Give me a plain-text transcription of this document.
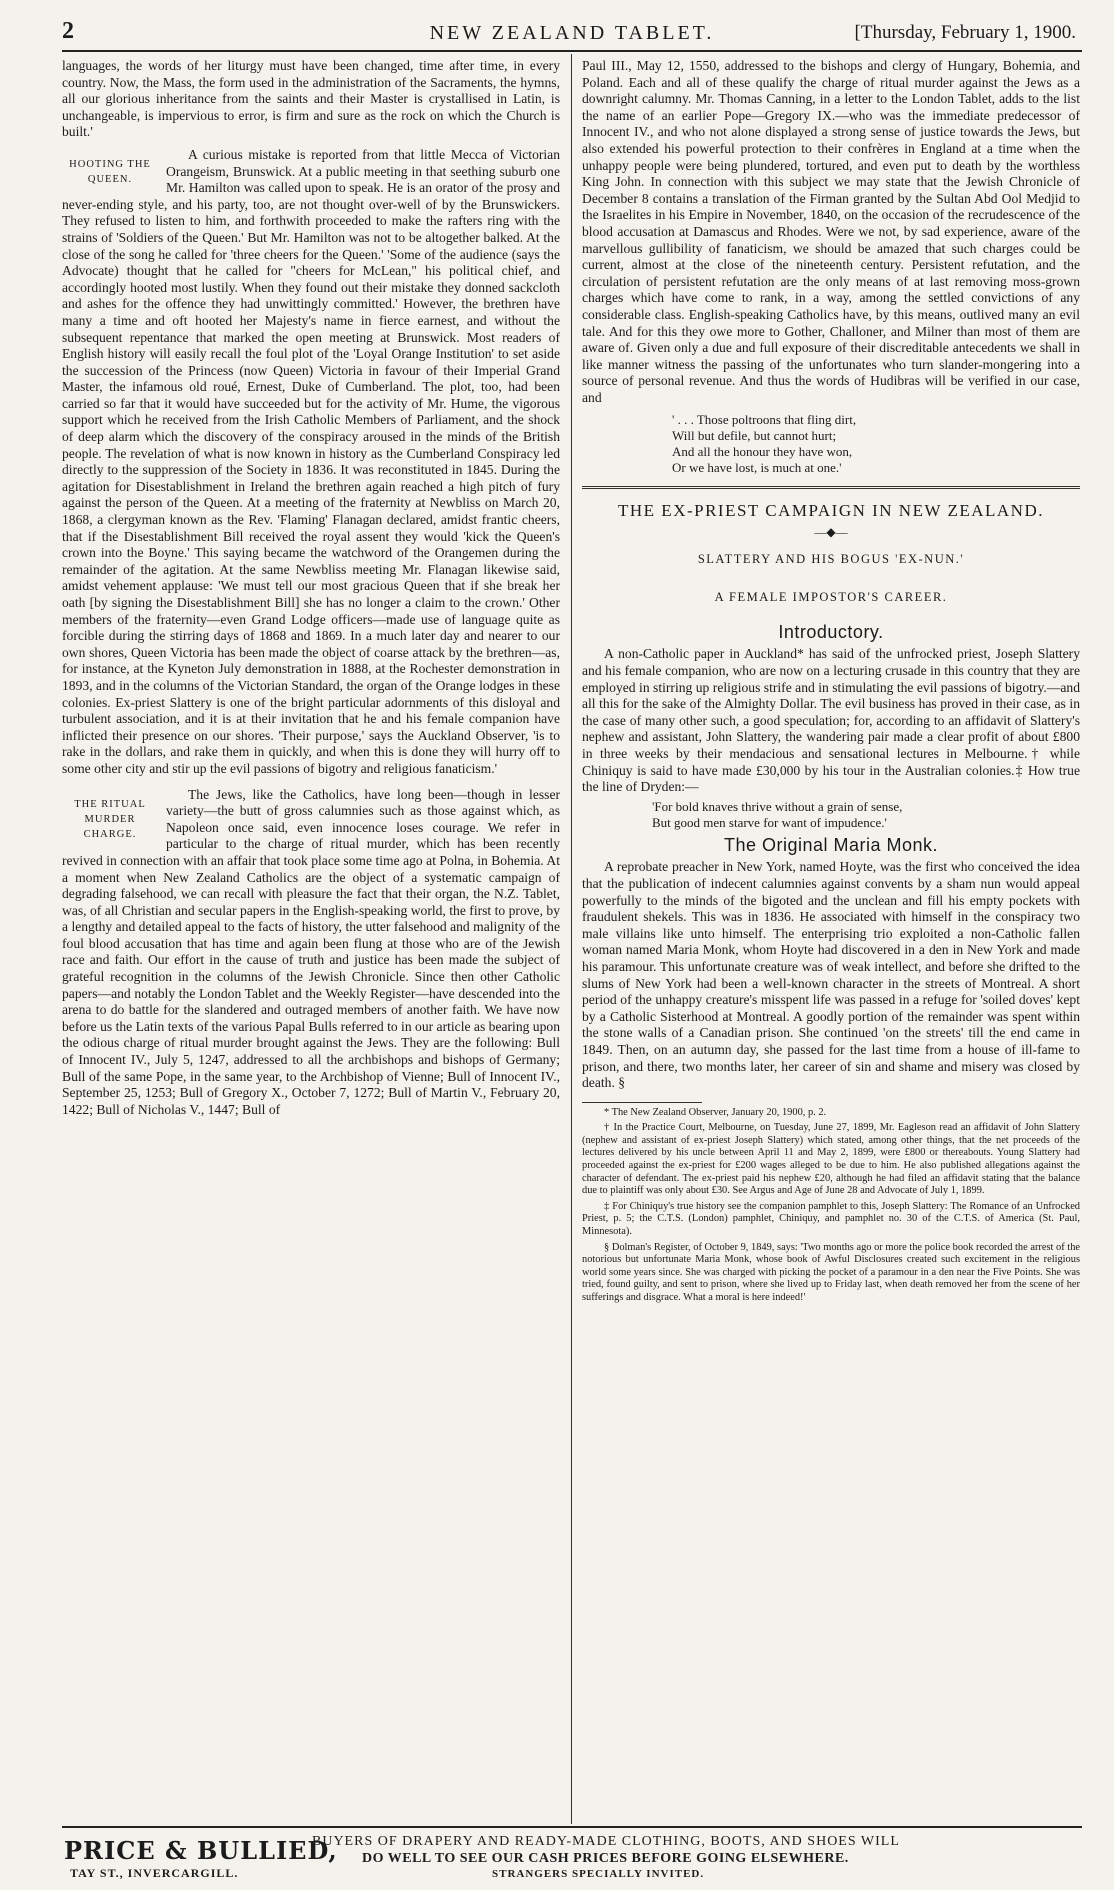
2	NEW ZEALAND TABLET.	[Thursday, February 1, 1900.

languages, the words of her liturgy must have been changed, time after time, in every country. Now, the Mass, the form used in the administration of the Sacraments, the hymns, all our glorious inheritance from the saints and their Master is crystallised in Latin, is unchangeable, is impervious to error, is firm and sure as the rock on which the Church is built.'

HOOTING THE QUEEN.

A curious mistake is reported from that little Mecca of Victorian Orangeism, Brunswick. At a public meeting in that seething suburb one Mr. Hamilton was called upon to speak. He is an orator of the prosy and never-ending style, and his party, too, are not thought over-well of by the Brunswickers. They refused to listen to him, and forthwith proceeded to make the rafters ring with the strains of 'Soldiers of the Queen.' But Mr. Hamilton was not to be altogether balked. At the close of the song he called for 'three cheers for the Queen.' 'Some of the audience (says the Advocate) thought that he called for "cheers for McLean," his political chief, and accordingly hooted most lustily. When they found out their mistake they donned sackcloth and ashes for the offence they had unwittingly committed.' However, the brethren have many a time and oft hooted her Majesty's name in fierce earnest, and without the subsequent repentance that marked the open meeting at Brunswick. Most readers of English history will easily recall the foul plot of the 'Loyal Orange Institution' to set aside the succession of the Princess (now Queen) Victoria in favour of their Imperial Grand Master, the infamous old roué, Ernest, Duke of Cumberland. The plot, too, had been carried so far that it would have succeeded but for the activity of Mr. Hume, the vigorous support which he received from the Irish Catholic Members of Parliament, and the shock of deep alarm which the discovery of the conspiracy aroused in the minds of the British people. The revelation of what is now known in history as the Cumberland Conspiracy led directly to the suppression of the Society in 1836. It was reconstituted in 1845. During the agitation for Disestablishment in Ireland the brethren again reached a high pitch of fury against the person of the Queen. At a meeting of the fraternity at Newbliss on March 20, 1868, a clergyman known as the Rev. 'Flaming' Flanagan declared, amidst frantic cheers, that if the Disestablishment Bill received the royal assent they would 'kick the Queen's crown into the Boyne.' This saying became the watchword of the Orangemen during the remainder of the agitation. At the same Newbliss meeting Mr. Flanagan likewise said, amidst vehement applause: 'We must tell our most gracious Queen that if she break her oath [by signing the Disestablishment Bill] she has no longer a claim to the crown.' Other members of the fraternity—even Grand Lodge officers—made use of language quite as forcible during the stirring days of 1868 and 1869. In a much later day and nearer to our own shores, Queen Victoria has been made the object of coarse attack by the brethren—as, for instance, at the Kyneton July demonstration in 1888, at the Rochester demonstration in 1893, and in the columns of the Victorian Standard, the organ of the Orange lodges in these colonies. Ex-priest Slattery is one of the bright particular adornments of this disloyal and turbulent association, and it is at their invitation that he and his female companion have inflicted their presence on our shores. 'Their purpose,' says the Auckland Observer, 'is to rake in the dollars, and rake them in quickly, and when this is done they will hurry off to some other city and stir up the evil passions of bigotry and religious fanaticism.'

THE RITUAL MURDER CHARGE.

The Jews, like the Catholics, have long been—though in lesser variety—the butt of gross calumnies such as those against which, as Napoleon once said, even innocence loses courage. We refer in particular to the charge of ritual murder, which has been recently revived in connection with an affair that took place some time ago at Polna, in Bohemia. At a moment when New Zealand Catholics are the object of a systematic campaign of degrading falsehood, we can recall with pleasure the fact that their organ, the N.Z. Tablet, was, of all Christian and secular papers in the English-speaking world, the first to prove, by a lengthy and detailed appeal to the facts of history, the utter falsehood and malignity of the foul blood accusation that has time and again been flung at those who are of the Jewish race and faith. Our effort in the cause of truth and justice has been made the subject of grateful recognition in the columns of the Jewish Chronicle. Since then other Catholic papers—and notably the London Tablet and the Weekly Register—have descended into the arena to do battle for the slandered and outraged members of another faith. We have now before us the Latin texts of the various Papal Bulls referred to in our article as bearing upon the odious charge of ritual murder brought against the Jews. They are the following: Bull of Innocent IV., July 5, 1247, addressed to all the archbishops and bishops of Germany; Bull of the same Pope, in the same year, to the Archbishop of Vienne; Bull of Innocent IV., September 25, 1253; Bull of Gregory X., October 7, 1272; Bull of Martin V., February 20, 1422; Bull of Nicholas V., 1447; Bull of

Paul III., May 12, 1550, addressed to the bishops and clergy of Hungary, Bohemia, and Poland. Each and all of these qualify the charge of ritual murder against the Jews as a downright calumny. Mr. Thomas Canning, in a letter to the London Tablet, adds to the list the name of an earlier Pope—Gregory IX.—who was the immediate predecessor of Innocent IV., and who not alone displayed a strong sense of justice towards the Jews, but also extended his powerful protection to their confrères in England at a time when the unhappy people were being plundered, tortured, and even put to death by the worthless King John. In connection with this subject we may state that the Jewish Chronicle of December 8 contains a translation of the Firman granted by the Sultan Abd Ool Medjid to the Israelites in his Empire in November, 1840, on the occasion of the recrudescence of the blood accusation at Damascus and Rhodes. Were we not, by sad experience, aware of the marvellous gullibility of fanaticism, we should be amazed that such charges could be current, almost at the close of the nineteenth century. Persistent refutation, and the circulation of persistent refutation are the only means of at last removing moss-grown charges which have come to rank, in a way, among the settled convictions of any considerable class. English-speaking Catholics have, by this means, outlived many an evil tale. And for this they owe more to Gother, Challoner, and Milner than most of them are aware of. Given only a due and full exposure of their discreditable antecedents we shall in like manner witness the passing of the unfortunates who turn slander-mongering into a source of personal revenue. And thus the words of Hudibras will be verified in our case, and

' . . . Those poltroons that fling dirt,
Will but defile, but cannot hurt;
And all the honour they have won,
Or we have lost, is much at one.'
THE EX-PRIEST CAMPAIGN IN NEW ZEALAND.
—◆—
SLATTERY AND HIS BOGUS 'EX-NUN.'
A FEMALE IMPOSTOR'S CAREER.
Introductory.

A non-Catholic paper in Auckland* has said of the unfrocked priest, Joseph Slattery and his female companion, who are now on a lecturing crusade in this country that they are employed in stirring up religious strife and in stimulating the evil passions of bigotry.—and all this for the sake of the Almighty Dollar. The evil business has proved in their case, as in the case of many other such, a good speculation; for, according to an affidavit of Slattery's nephew and assistant, John Slattery, the wandering pair made a clear profit of about £800 in three weeks by their mendacious and sensational lectures in Melbourne.† while Chiniquy is said to have made £30,000 by his tour in the Australian colonies.‡ How true the line of Dryden:—

'For bold knaves thrive without a grain of sense,
But good men starve for want of impudence.'
The Original Maria Monk.

A reprobate preacher in New York, named Hoyte, was the first who conceived the idea that the publication of indecent calumnies against convents by a sham nun would appeal powerfully to the minds of the bigoted and the unclean and fill his empty pockets with fraudulent shekels. This was in 1836. He associated with himself in the conspiracy two male villains like unto himself. The enterprising trio exploited a non-Catholic fallen woman named Maria Monk, whom Hoyte had discovered in a den in New York and made his paramour. This unfortunate creature was of weak intellect, and before she drifted to the slums of New York had been a well-known character in the streets of Montreal. A short period of the unhappy creature's misspent life was passed in a refuge for 'soiled doves' kept by a Catholic Sisterhood at Montreal. A goodly portion of the remainder was spent within the stone walls of a Canadian prison. She continued 'on the streets' till the end came in 1849. Then, on an autumn day, she passed for the last time from a house of ill-fame to prison, and there, two months later, her career of sin and shame and misery was closed by death. §

* The New Zealand Observer, January 20, 1900, p. 2.

† In the Practice Court, Melbourne, on Tuesday, June 27, 1899, Mr. Eagleson read an affidavit of John Slattery (nephew and assistant of ex-priest Joseph Slattery) which stated, among other things, that the net proceeds of the lectures delivered by his uncle between April 11 and May 2, 1899, were £800 or thereabouts. Young Slattery had proceeded against the ex-priest for £200 wages alleged to be due to him. He also published allegations against the character of defendant. The ex-priest paid his nephew £20, although he had filed an affidavit stating that the balance due to plaintiff was only about £30. See Argus and Age of June 28 and Advocate of July 1, 1899.

‡ For Chiniquy's true history see the companion pamphlet to this, Joseph Slattery: The Romance of an Unfrocked Priest, p. 5; the C.T.S. (London) pamphlet, Chiniquy, and pamphlet no. 30 of the C.T.S. of America (St. Paul, Minnesota).

§ Dolman's Register, of October 9, 1849, says: 'Two months ago or more the police book recorded the arrest of the notorious but unfortunate Maria Monk, whose book of Awful Disclosures created such excitement in the religious world some years since. She was charged with picking the pocket of a paramour in a den near the Five Points. She was tried, found guilty, and sent to prison, where she lived up to Friday last, when death removed her from the scene of her sufferings and disgrace. What a moral is here indeed!'

PRICE & BULLIED,
TAY ST., INVERCARGILL.
BUYERS OF DRAPERY AND READY-MADE CLOTHING, BOOTS, AND SHOES WILL
DO WELL TO SEE OUR CASH PRICES BEFORE GOING ELSEWHERE.
STRANGERS SPECIALLY INVITED.
